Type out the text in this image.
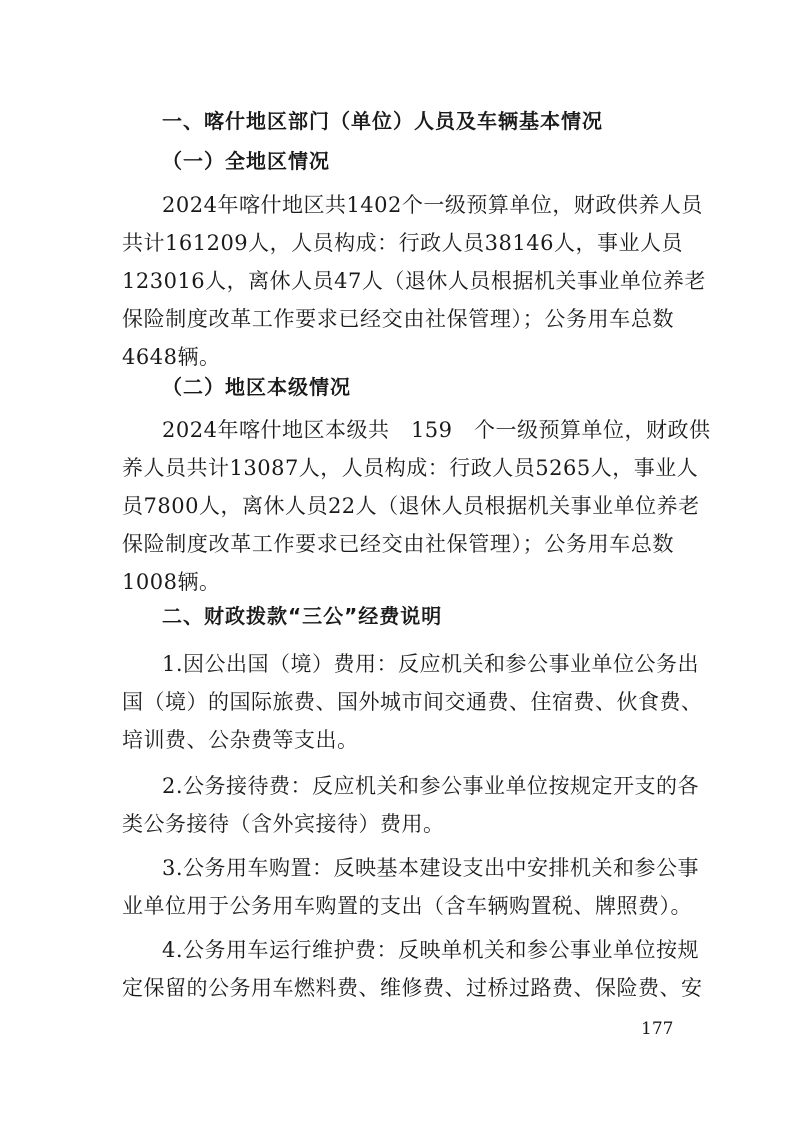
一、喀什地区部门（单位）人员及车辆基本情况
（一）全地区情况
2024年喀什地区共1402个一级预算单位，财政供养人员
共计161209人，人员构成：行政人员38146人，事业人员
123016人，离休人员47人（退休人员根据机关事业单位养老
保险制度改革工作要求已经交由社保管理）；公务用车总数
4648辆。
（二）地区本级情况
2024年喀什地区本级共　159　个一级预算单位，财政供
养人员共计13087人，人员构成：行政人员5265人，事业人
员7800人，离休人员22人（退休人员根据机关事业单位养老
保险制度改革工作要求已经交由社保管理）；公务用车总数
1008辆。
二、财政拨款“三公”经费说明
1.因公出国（境）费用：反应机关和参公事业单位公务出
国（境）的国际旅费、国外城市间交通费、住宿费、伙食费、
培训费、公杂费等支出。
2.公务接待费：反应机关和参公事业单位按规定开支的各
类公务接待（含外宾接待）费用。
3.公务用车购置：反映基本建设支出中安排机关和参公事
业单位用于公务用车购置的支出（含车辆购置税、牌照费）。
4.公务用车运行维护费：反映单机关和参公事业单位按规
定保留的公务用车燃料费、维修费、过桥过路费、保险费、安
177
